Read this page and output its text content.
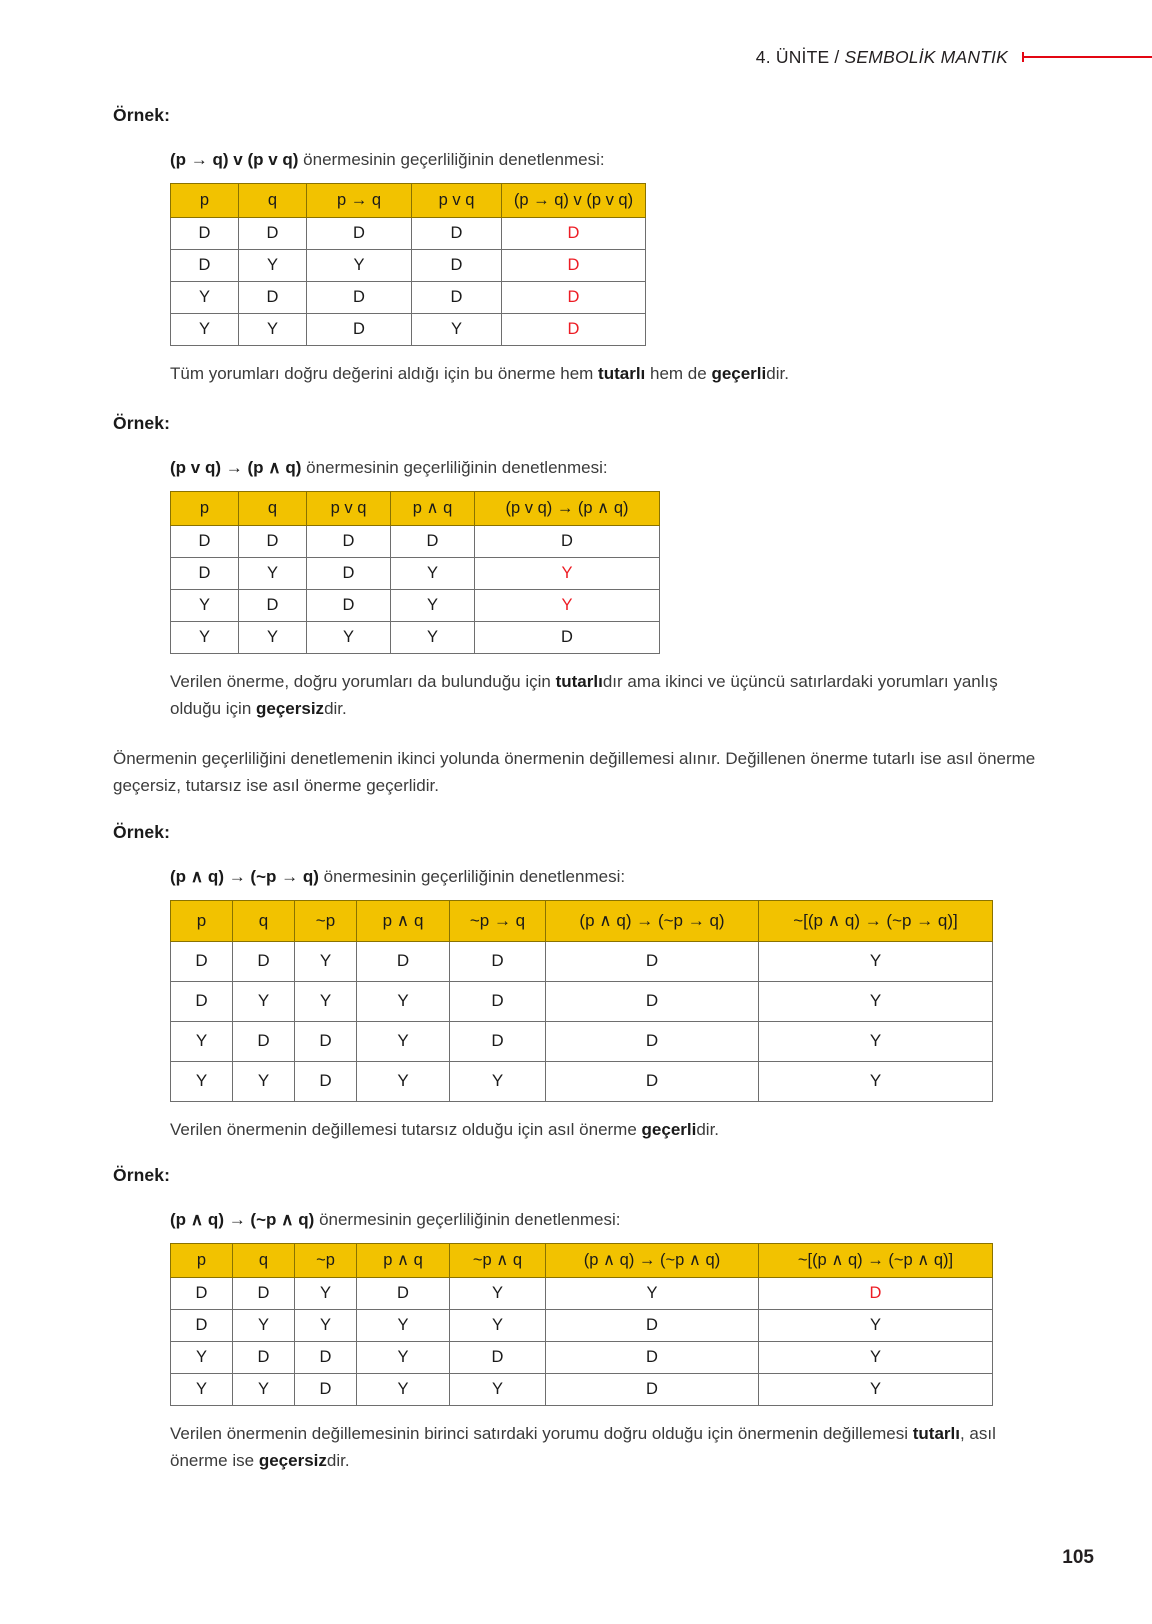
4. ÜNİTE / SEMBOLİK MANTIK

Örnek:

(p → q) v (p v q) önermesinin geçerliliğinin denetlenmesi:

p	q	p → q	p v q	(p → q) v (p v q)
D	D	D	D	D
D	Y	Y	D	D
Y	D	D	D	D
Y	Y	D	Y	D

Tüm yorumları doğru değerini aldığı için bu önerme hem tutarlı hem de geçerlidir.

Örnek:

(p v q) → (p ∧ q) önermesinin geçerliliğinin denetlenmesi:

p	q	p v q	p ∧ q	(p v q) → (p ∧ q)
D	D	D	D	D
D	Y	D	Y	Y
Y	D	D	Y	Y
Y	Y	Y	Y	D

Verilen önerme, doğru yorumları da bulunduğu için tutarlıdır ama ikinci ve üçüncü satırlardaki yorumları yanlış olduğu için geçersizdir.

Önermenin geçerliliğini denetlemenin ikinci yolunda önermenin değillemesi alınır. Değillenen önerme tutarlı ise asıl önerme geçersiz, tutarsız ise asıl önerme geçerlidir.

Örnek:

(p ∧ q) → (~p → q) önermesinin geçerliliğinin denetlenmesi:

p	q	~p	p ∧ q	~p → q	(p ∧ q) → (~p → q)	~[(p ∧ q) → (~p → q)]
D	D	Y	D	D	D	Y
D	Y	Y	Y	D	D	Y
Y	D	D	Y	D	D	Y
Y	Y	D	Y	Y	D	Y

Verilen önermenin değillemesi tutarsız olduğu için asıl önerme geçerlidir.

Örnek:

(p ∧ q) → (~p ∧ q) önermesinin geçerliliğinin denetlenmesi:

p	q	~p	p ∧ q	~p ∧ q	(p ∧ q) → (~p ∧ q)	~[(p ∧ q) → (~p ∧ q)]
D	D	Y	D	Y	Y	D
D	Y	Y	Y	Y	D	Y
Y	D	D	Y	D	D	Y
Y	Y	D	Y	Y	D	Y

Verilen önermenin değillemesinin birinci satırdaki yorumu doğru olduğu için önermenin değillemesi tutarlı, asıl önerme ise geçersizdir.

105
